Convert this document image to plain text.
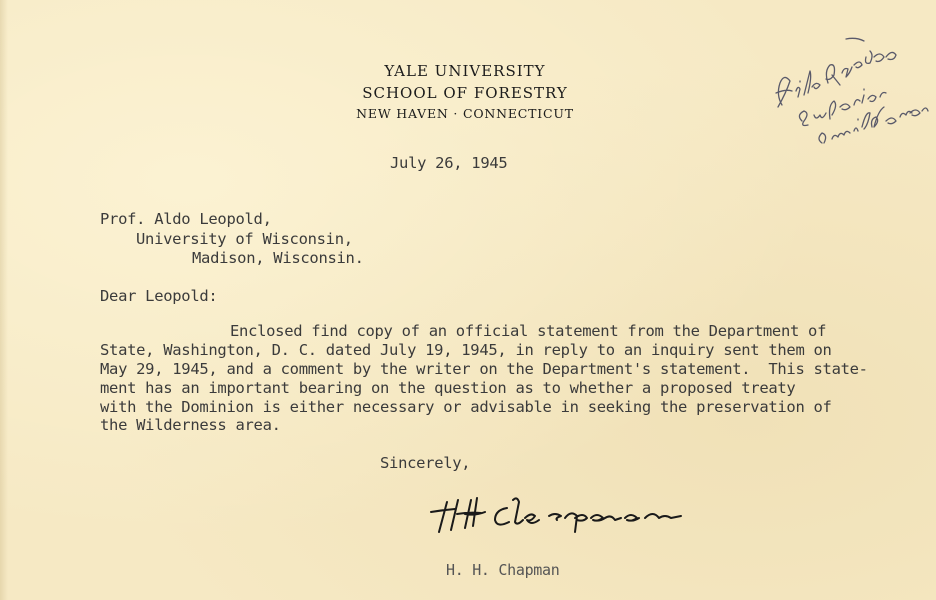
YALE UNIVERSITY
SCHOOL OF FORESTRY
NEW HAVEN · CONNECTICUT
July 26, 1945
Prof. Aldo Leopold,
University of Wisconsin,
Madison, Wisconsin.
Dear Leopold:
Enclosed find copy of an official statement from the Department of
State, Washington, D. C. dated July 19, 1945, in reply to an inquiry sent them on
May 29, 1945, and a comment by the writer on the Department's statement.  This state-
ment has an important bearing on the question as to whether a proposed treaty
with the Dominion is either necessary or advisable in seeking the preservation of
the Wilderness area.
Sincerely,
H. H. Chapman
